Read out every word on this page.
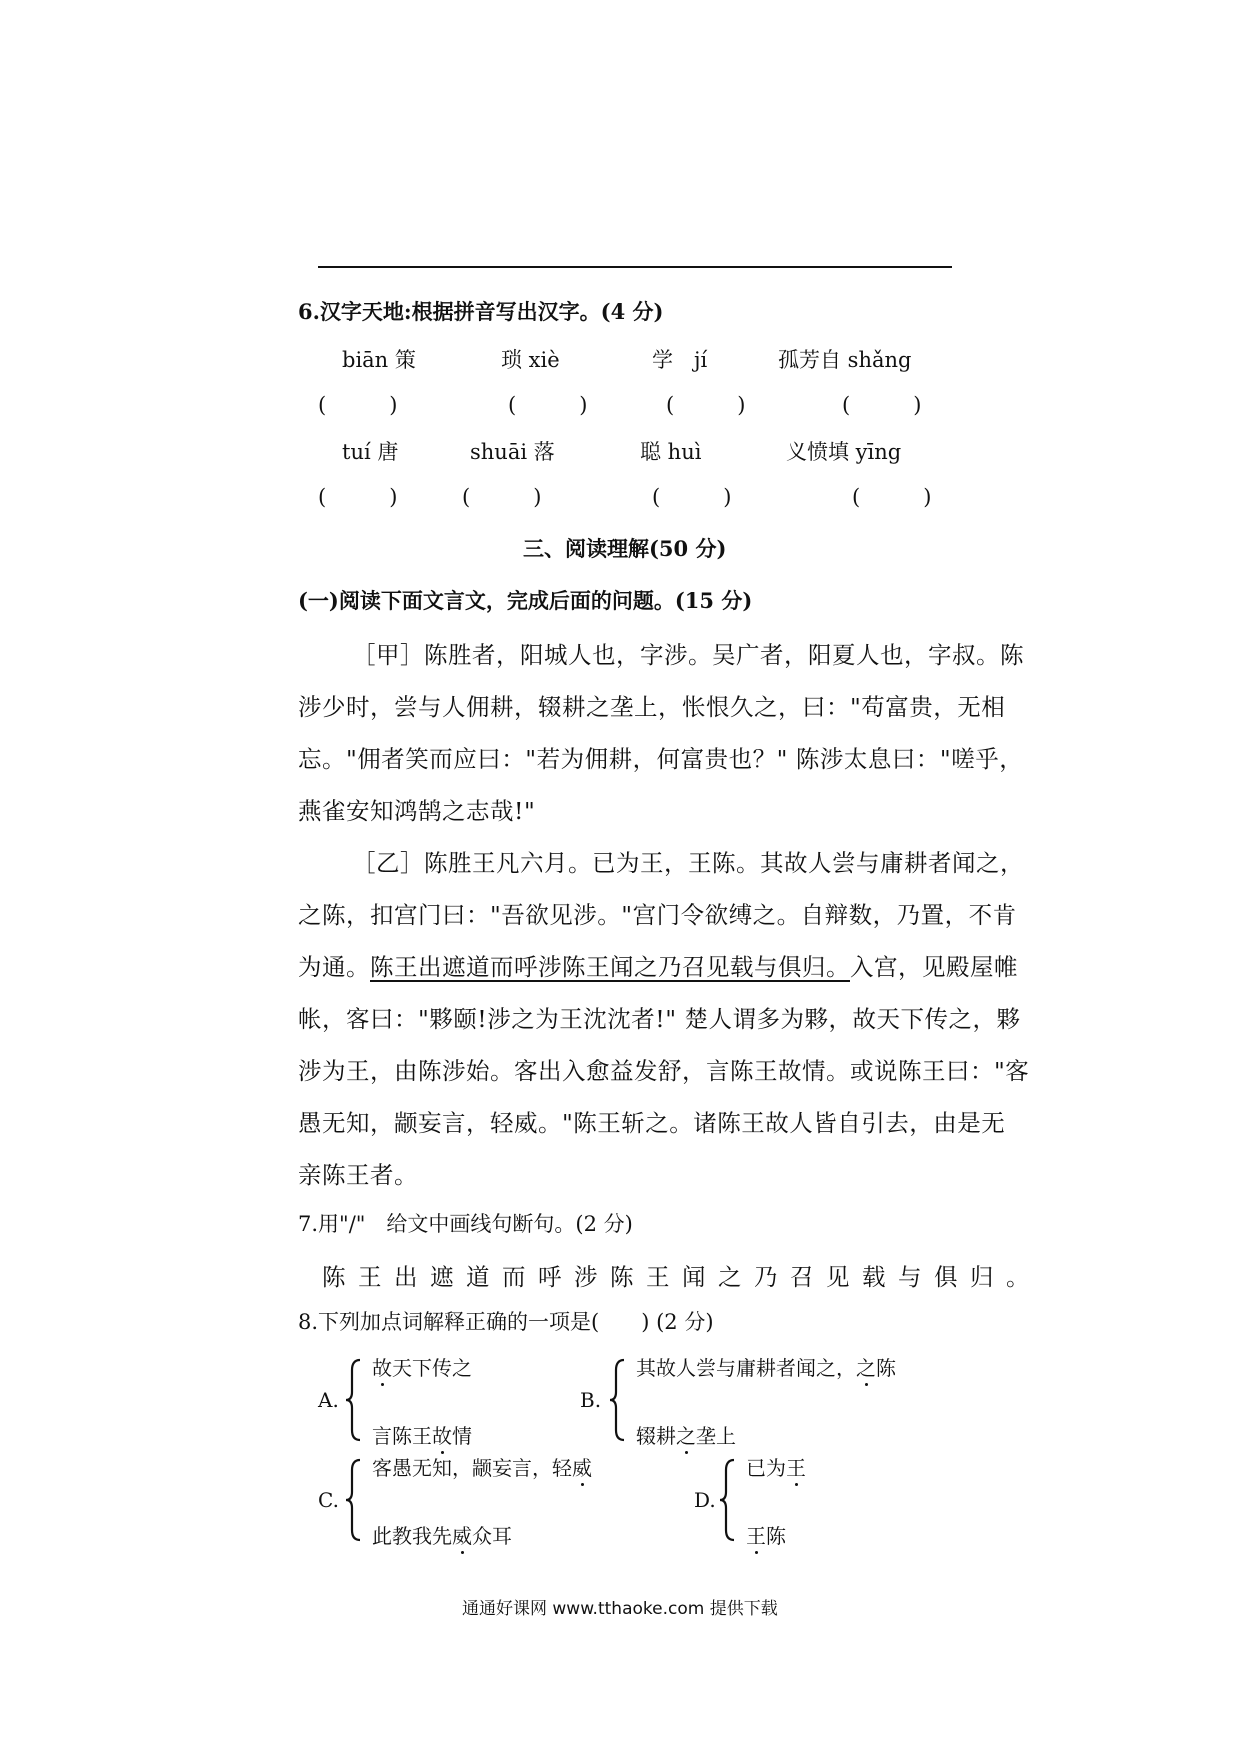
6.汉字天地:根据拼音写出汉字。(4 分)
biān 策	琐 xiè	学　jí	孤芳自 shǎng
(　　　)	(　　　)	(　　　)	(　　　)
tuí 唐	shuāi 落	聪 huì	义愤填 yīng
(　　　)	(　　　)	(　　　)	(　　　)
三、阅读理解(50 分)
(一)阅读下面文言文，完成后面的问题。(15 分)
［甲］陈胜者，阳城人也，字涉。吴广者，阳夏人也，字叔。陈
涉少时，尝与人佣耕，辍耕之垄上，怅恨久之，曰："苟富贵，无相
忘。"佣者笑而应曰："若为佣耕，何富贵也？" 陈涉太息曰："嗟乎，
燕雀安知鸿鹄之志哉!"
［乙］陈胜王凡六月。已为王，王陈。其故人尝与庸耕者闻之，
之陈，扣宫门曰："吾欲见涉。"宫门令欲缚之。自辩数，乃置，不肯
为通。陈王出遮道而呼涉陈王闻之乃召见载与俱归。入宫，见殿屋帷
帐，客曰："夥颐!涉之为王沈沈者!" 楚人谓多为夥，故天下传之，夥
涉为王，由陈涉始。客出入愈益发舒，言陈王故情。或说陈王曰："客
愚无知，颛妄言，轻威。"陈王斩之。诸陈王故人皆自引去，由是无
亲陈王者。
7.用"/"　给文中画线句断句。(2 分)
陈王出遮道而呼涉陈王闻之乃召见载与俱归。
8.下列加点词解释正确的一项是(　　) (2 分)
A.
故天下传之
言陈王故情
B.
其故人尝与庸耕者闻之，之陈
辍耕之垄上
C.
客愚无知，颛妄言，轻威
此教我先威众耳
D.
已为王
王陈
通通好课网 www.tthaoke.com 提供下载
